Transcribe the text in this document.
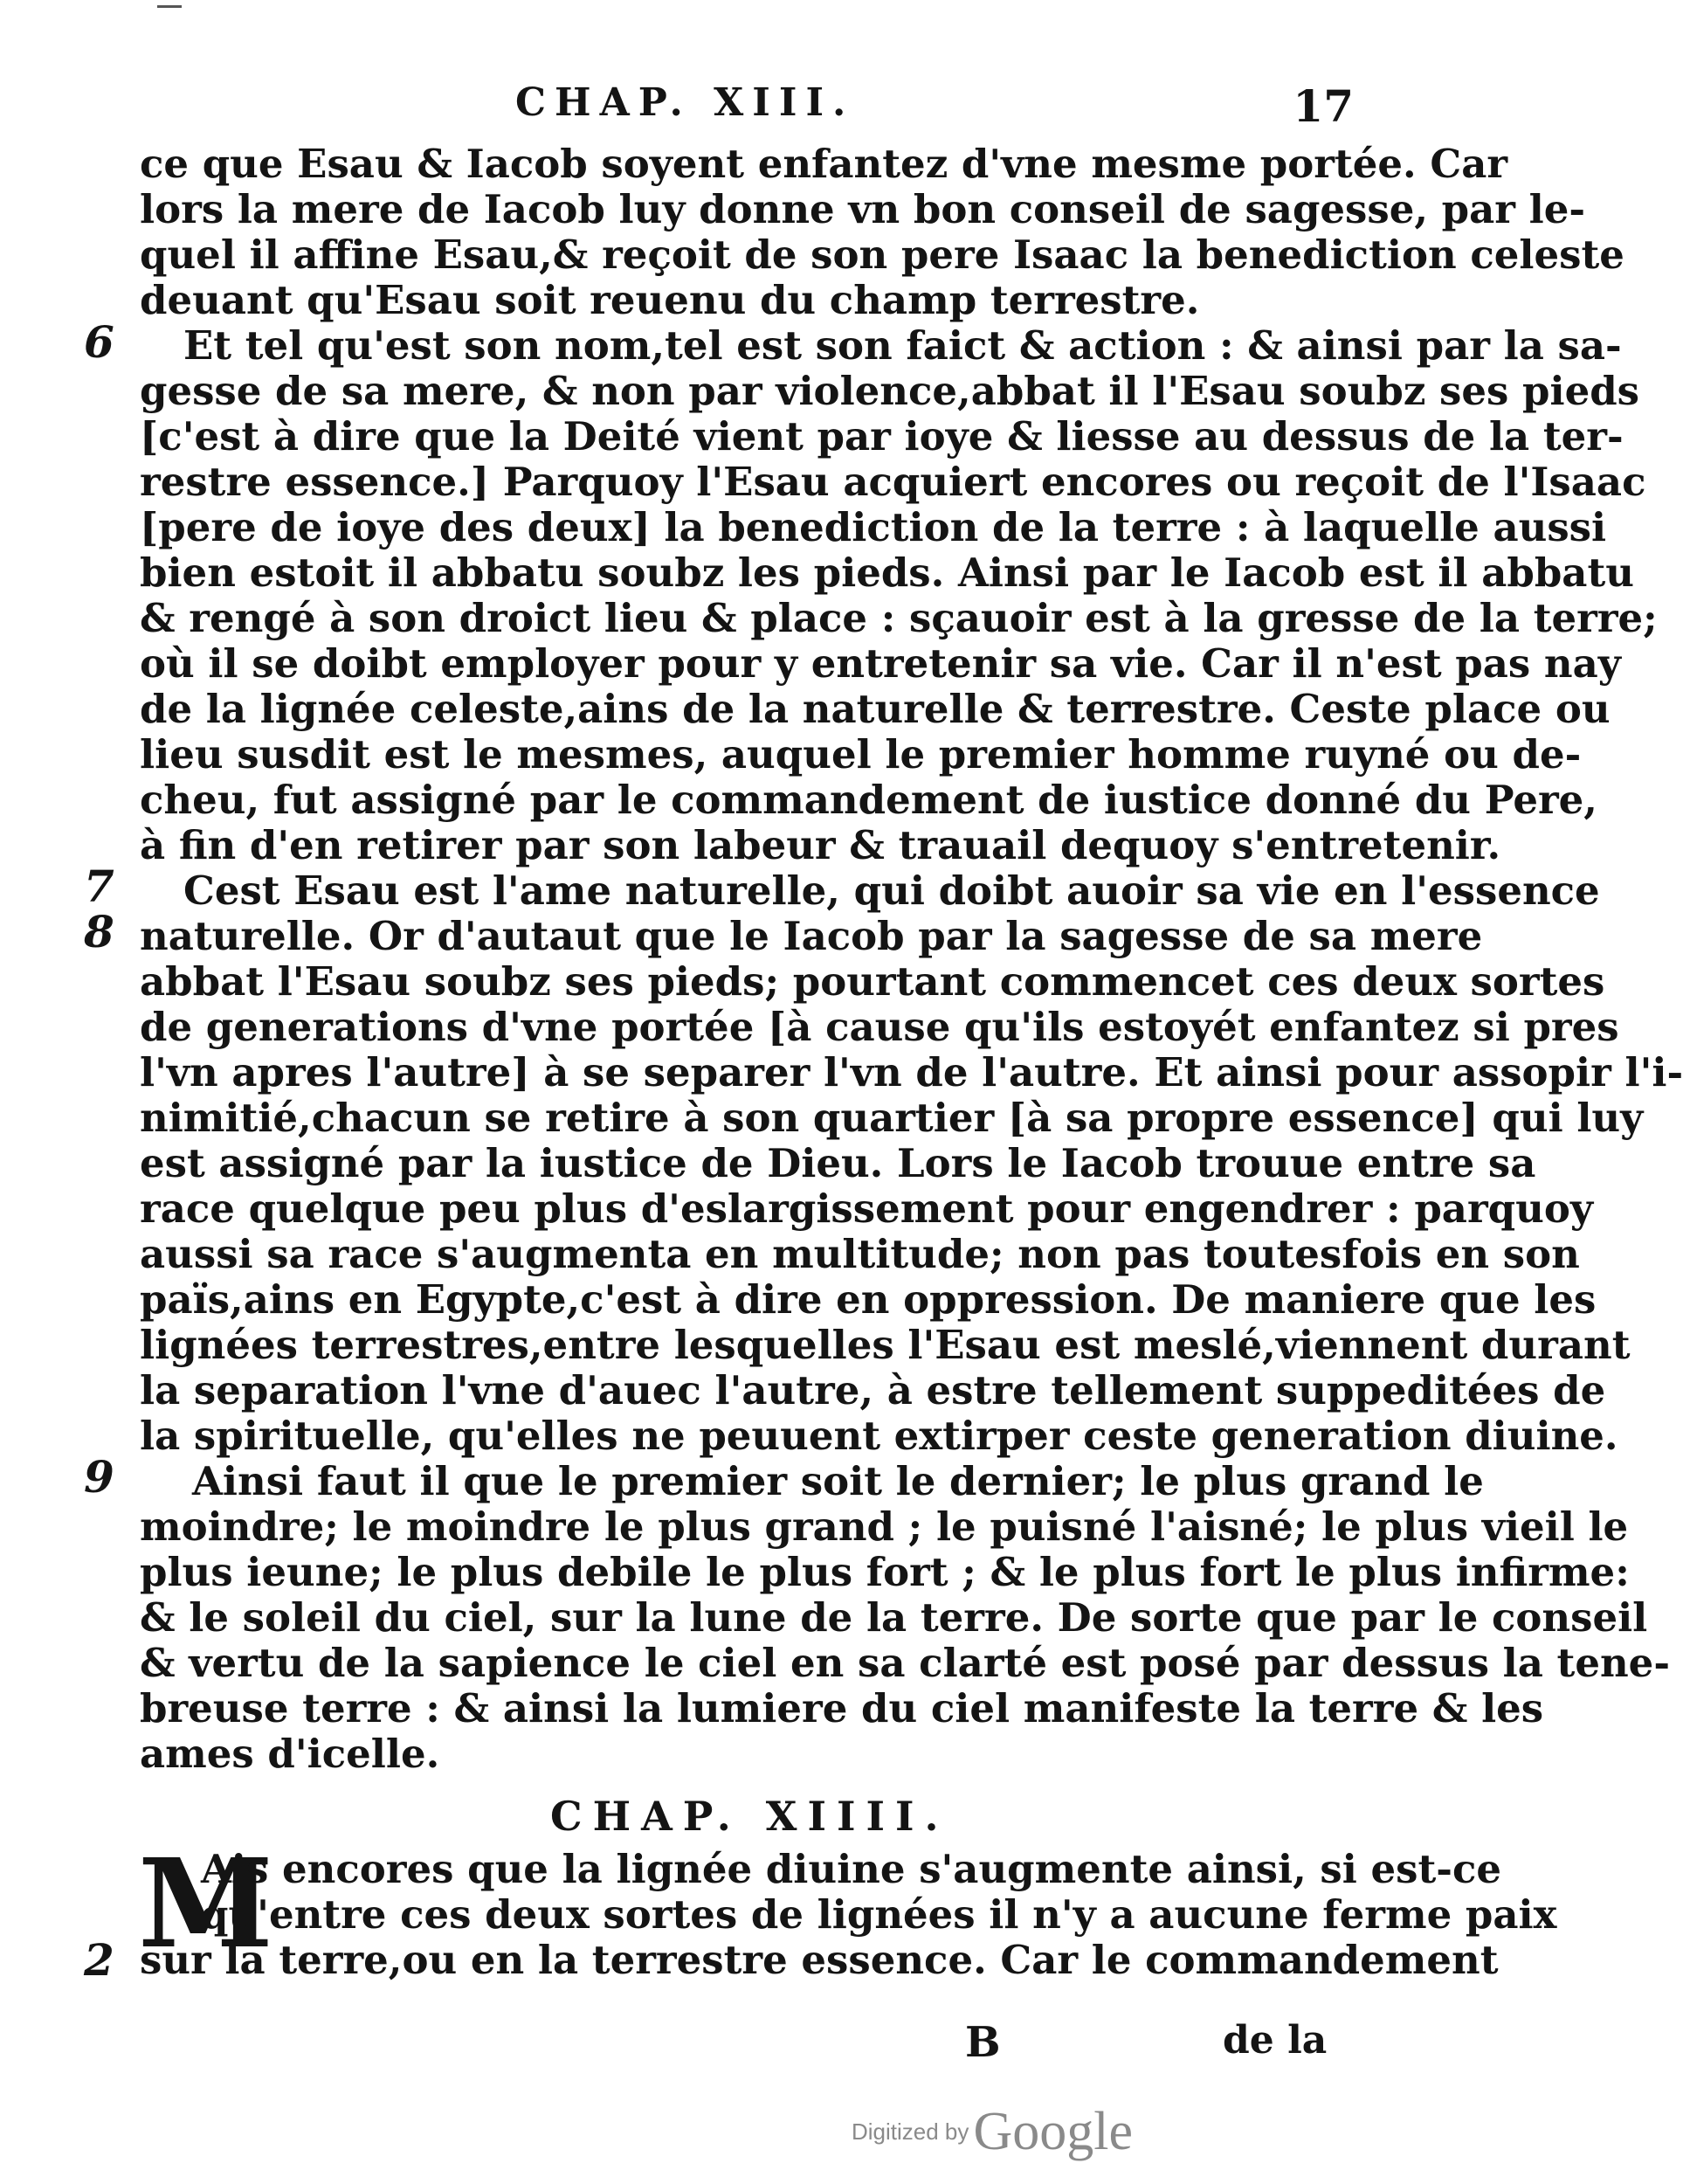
CHAP. XIII.	17
ce que Esau & Iacob soyent enfantez d'vne mesme portée. Car
lors la mere de Iacob luy donne vn bon conseil de sagesse, par le-
quel il affine Esau,& reçoit de son pere Isaac la benediction celeste
deuant qu'Esau soit reuenu du champ terrestre.
Et tel qu'est son nom,tel est son faict & action : & ainsi par la sa-
gesse de sa mere, & non par violence,abbat il l'Esau soubz ses pieds
[c'est à dire que la Deité vient par ioye & liesse au dessus de la ter-
restre essence.] Parquoy l'Esau acquiert encores ou reçoit de l'Isaac
[pere de ioye des deux] la benediction de la terre : à laquelle aussi
bien estoit il abbatu soubz les pieds. Ainsi par le Iacob est il abbatu
& rengé à son droict lieu & place : sçauoir est à la gresse de la terre;
où il se doibt employer pour y entretenir sa vie. Car il n'est pas nay
de la lignée celeste,ains de la naturelle & terrestre. Ceste place ou
lieu susdit est le mesmes, auquel le premier homme ruyné ou de-
cheu, fut assigné par le commandement de iustice donné du Pere,
à fin d'en retirer par son labeur & trauail dequoy s'entretenir.
Cest Esau est l'ame naturelle, qui doibt auoir sa vie en l'essence
naturelle. Or d'autaut que le Iacob par la sagesse de sa mere
abbat l'Esau soubz ses pieds; pourtant commencet ces deux sortes
de generations d'vne portée [à cause qu'ils estoyét enfantez si pres
l'vn apres l'autre] à se separer l'vn de l'autre. Et ainsi pour assopir l'i-
nimitié,chacun se retire à son quartier [à sa propre essence] qui luy
est assigné par la iustice de Dieu. Lors le Iacob trouue entre sa
race quelque peu plus d'eslargissement pour engendrer : parquoy
aussi sa race s'augmenta en multitude; non pas toutesfois en son
païs,ains en Egypte,c'est à dire en oppression. De maniere que les
lignées terrestres,entre lesquelles l'Esau est meslé,viennent durant
la separation l'vne d'auec l'autre, à estre tellement suppeditées de
la spirituelle, qu'elles ne peuuent extirper ceste generation diuine.
Ainsi faut il que le premier soit le dernier; le plus grand le
moindre; le moindre le plus grand ; le puisné l'aisné; le plus vieil le
plus ieune; le plus debile le plus fort ; & le plus fort le plus infirme:
& le soleil du ciel, sur la lune de la terre. De sorte que par le conseil
& vertu de la sapience le ciel en sa clarté est posé par dessus la tene-
breuse terre : & ainsi la lumiere du ciel manifeste la terre & les
ames d'icelle.
6
7
8
9
2
CHAP. XIIII.
M
Ais encores que la lignée diuine s'augmente ainsi, si est-ce
qu'entre ces deux sortes de lignées il n'y a aucune ferme paix
sur la terre,ou en la terrestre essence. Car le commandement
B	de la
Digitized by Google
